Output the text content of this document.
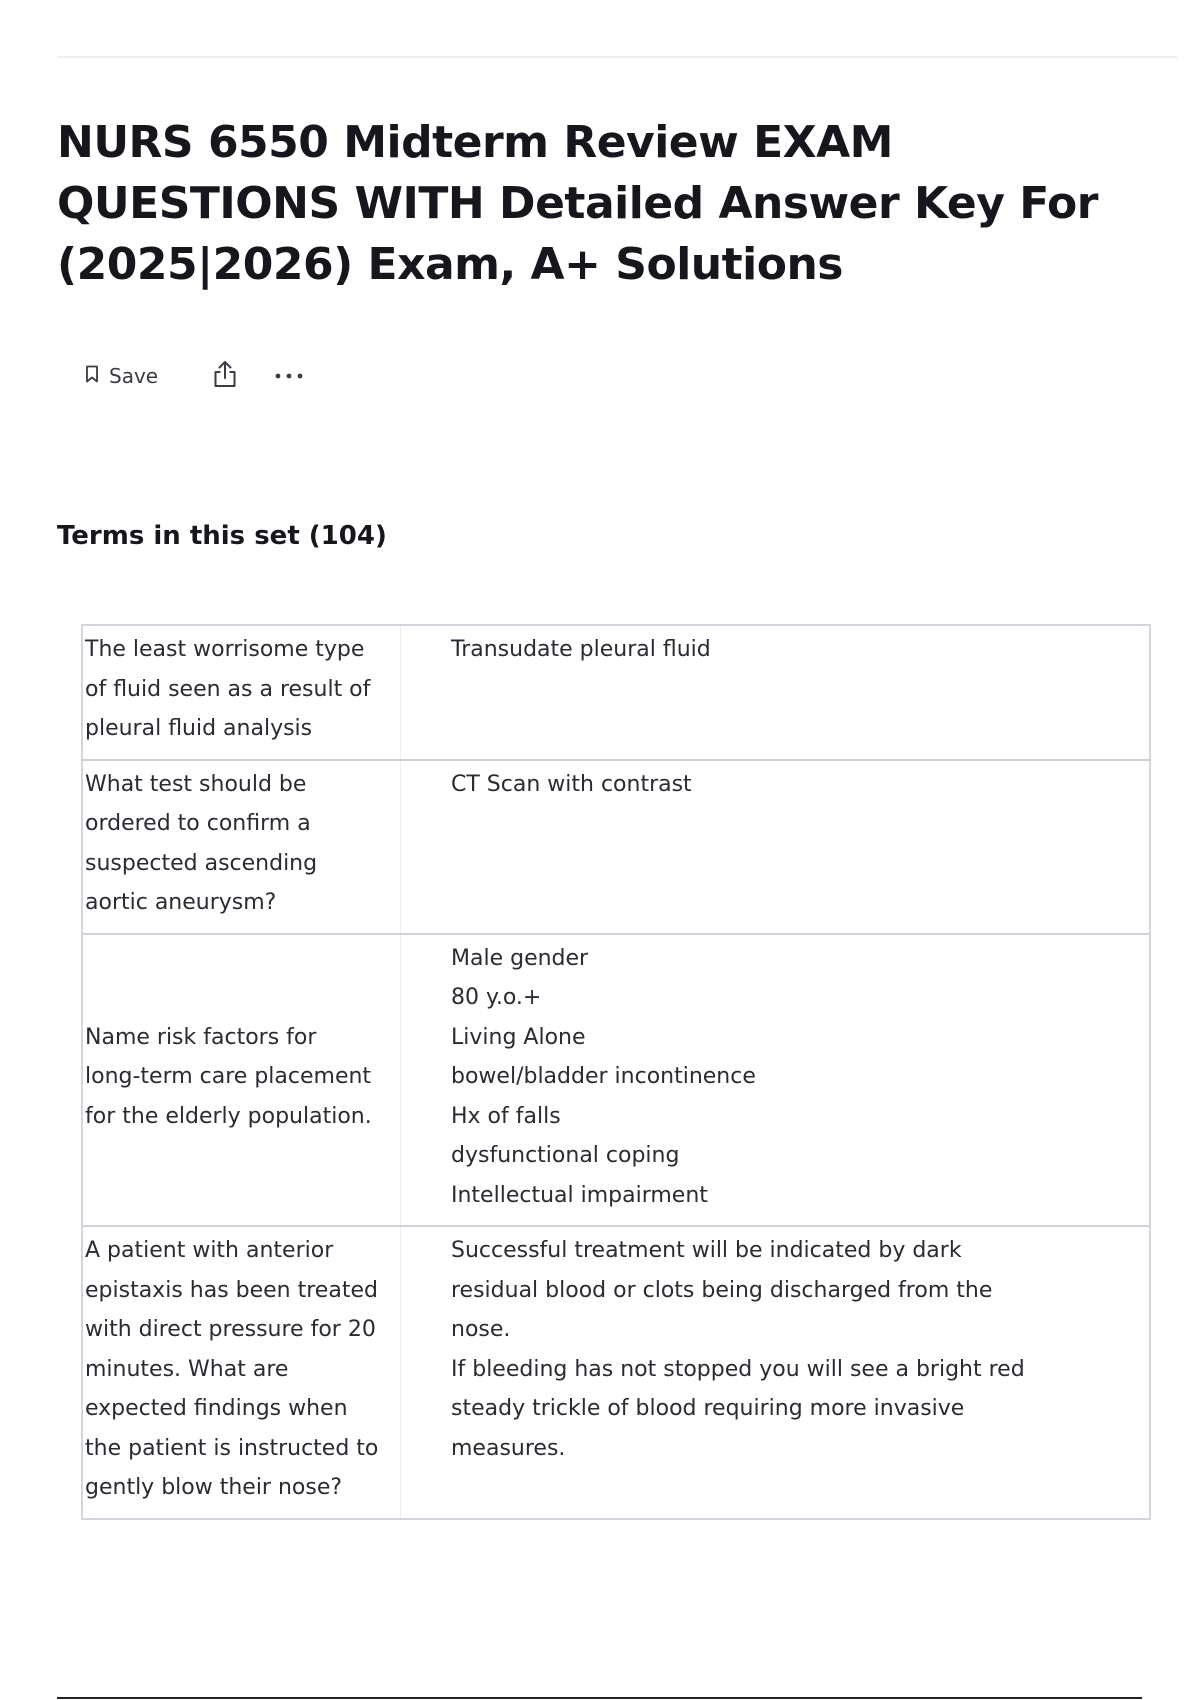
NURS 6550 Midterm Review EXAM QUESTIONS WITH Detailed Answer Key For (2025|2026) Exam, A+ Solutions
Save
Terms in this set (104)
The least worrisome type
of fluid seen as a result of
pleural fluid analysis
Transudate pleural fluid
What test should be
ordered to confirm a
suspected ascending
aortic aneurysm?
CT Scan with contrast
Name risk factors for
long-term care placement
for the elderly population.
Male gender
80 y.o.+
Living Alone
bowel/bladder incontinence
Hx of falls
dysfunctional coping
Intellectual impairment
A patient with anterior
epistaxis has been treated
with direct pressure for 20
minutes. What are
expected findings when
the patient is instructed to
gently blow their nose?
Successful treatment will be indicated by dark
residual blood or clots being discharged from the
nose.
If bleeding has not stopped you will see a bright red
steady trickle of blood requiring more invasive
measures.
